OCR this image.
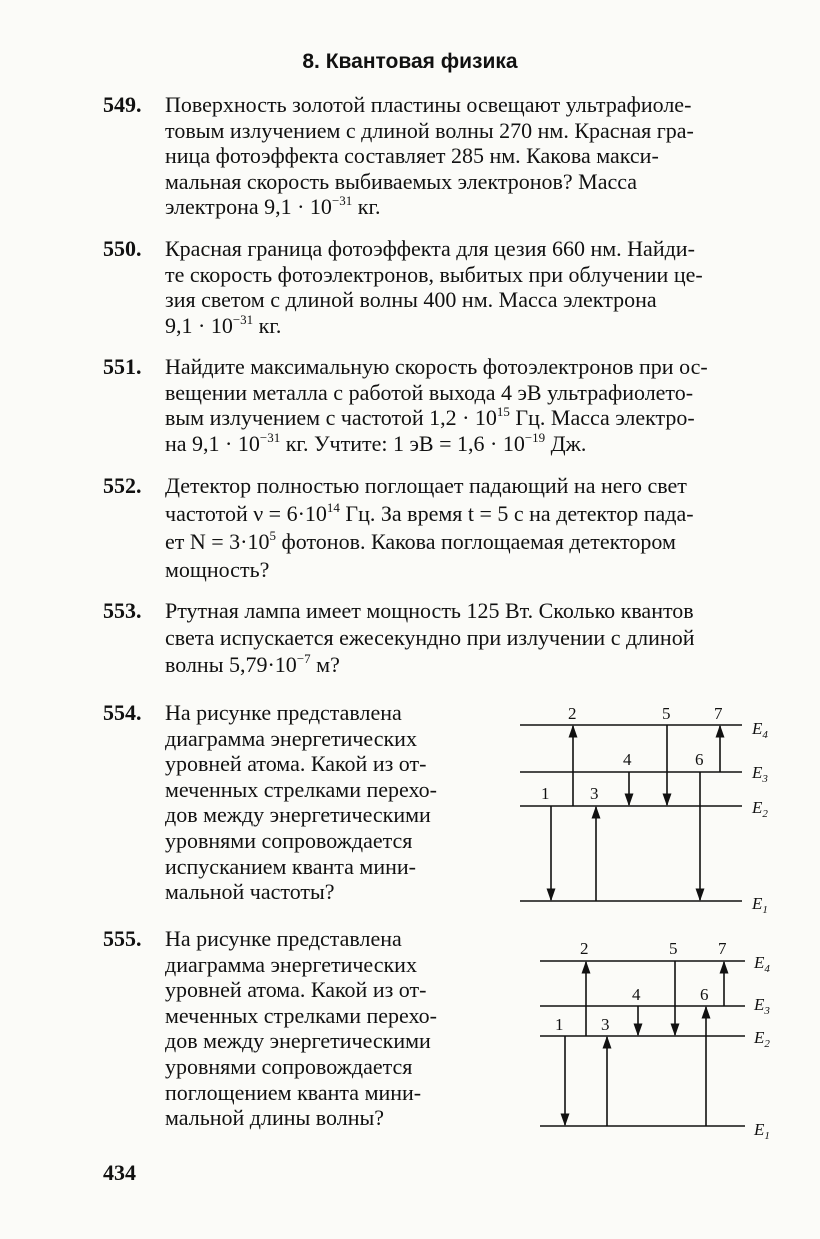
8. Квантовая физика
549. Поверхность золотой пластины освещают ультрафиоле-
товым излучением с длиной волны 270 нм. Красная гра-
ница фотоэффекта составляет 285 нм. Какова макси-
мальная скорость выбиваемых электронов? Масса
электрона $9,1 \cdot 10^{-31}$ кг.
550. Красная граница фотоэффекта для цезия 660 нм. Найди-
те скорость фотоэлектронов, выбитых при облучении це-
зия светом с длиной волны 400 нм. Масса электрона
$9,1 \cdot 10^{-31}$ кг.
551. Найдите максимальную скорость фотоэлектронов при ос-
вещении металла с работой выхода 4 эВ ультрафиолето-
вым излучением с частотой $1,2 \cdot 10^{15}$ Гц. Масса электро-
на $9,1 \cdot 10^{-31}$ кг. Учтите: 1 эВ = $1,6 \cdot 10^{-19}$ Дж.
552. Детектор полностью поглощает падающий на него свет
частотой $\nu = 6\cdot 10^{14}$ Гц. За время t = 5 с на детектор пада-
ет $N = 3\cdot 10^5$ фотонов. Какова поглощаемая детектором
мощность?
553. Ртутная лампа имеет мощность 125 Вт. Сколько квантов
света испускается ежесекундно при излучении с длиной
волны $5,79\cdot 10^{-7}$ м?
554. На рисунке представлена
диаграмма энергетических
уровней атома. Какой из от-
меченных стрелками перехо-
дов между энергетическими
уровнями сопровождается
испусканием кванта мини-
мальной частоты?
1
2
3
4
5
6
7
$E_4$
$E_3$
$E_2$
$E_1$
555. На рисунке представлена
диаграмма энергетических
уровней атома. Какой из от-
меченных стрелками перехо-
дов между энергетическими
уровнями сопровождается
поглощением кванта мини-
мальной длины волны?
1
2
3
4
5
6
7
$E_4$
$E_3$
$E_2$
$E_1$
434
